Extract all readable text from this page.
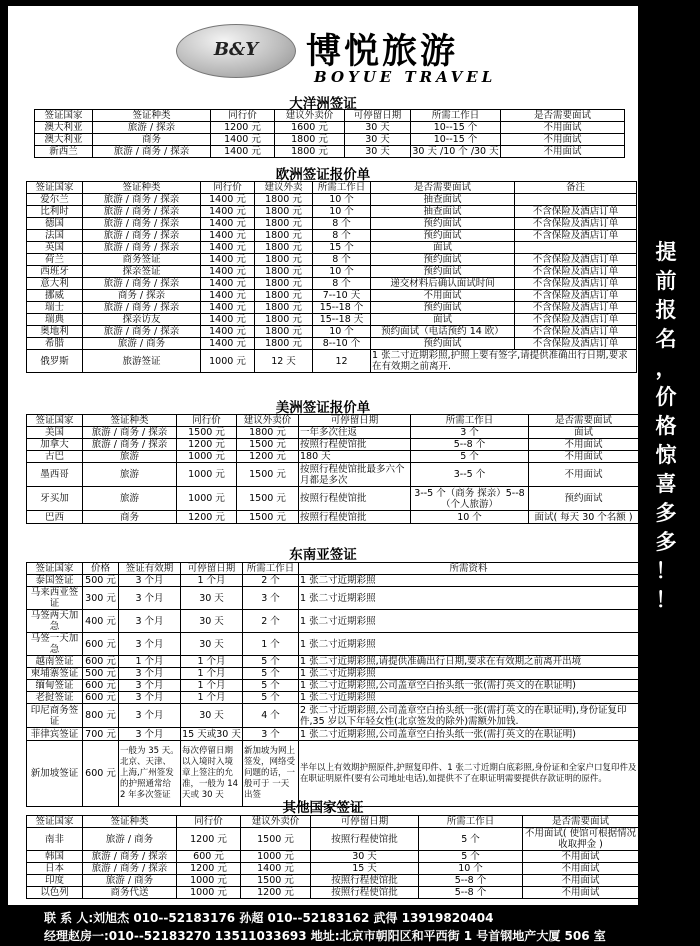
B&Y	博悦旅游
BOYUE TRAVEL
大洋洲签证
签证国家	签证种类	同行价	建议外卖价	可停留日期	所需工作日	是否需要面试
澳大利亚	旅游 / 探亲	1200 元	1600 元	30 天	10--15 个	不用面试
澳大利亚	商务	1400 元	1800 元	30 天	10--15 个	不用面试
新西兰	旅游 / 商务 / 探亲	1400 元	1800 元	30 天	30 天 /10 个 /30 天	不用面试
欧洲签证报价单
签证国家	签证种类	同行价	建议外卖	所需工作日	是否需要面试	备注
爱尔兰	旅游 / 商务 / 探亲	1400 元	1800 元	10 个	抽查面试	
比利时	旅游 / 商务 / 探亲	1400 元	1800 元	10 个	抽查面试	不含保险及酒店订单
德国	旅游 / 商务 / 探亲	1400 元	1800 元	8 个	预约面试	不含保险及酒店订单
法国	旅游 / 商务 / 探亲	1400 元	1800 元	8 个	预约面试	不含保险及酒店订单
英国	旅游 / 商务 / 探亲	1400 元	1800 元	15 个	面试	
荷兰	商务签证	1400 元	1800 元	8 个	预约面试	不含保险及酒店订单
西班牙	探亲签证	1400 元	1800 元	10 个	预约面试	不含保险及酒店订单
意大利	旅游 / 商务 / 探亲	1400 元	1800 元	8 个	递交材料后确认面试时间	不含保险及酒店订单
挪威	商务 / 探亲	1400 元	1800 元	7--10 天	不用面试	不含保险及酒店订单
瑞士	旅游 / 商务 / 探亲	1400 元	1800 元	15--18 个	预约面试	不含保险及酒店订单
瑞典	探亲访友	1400 元	1800 元	15--18 天	面试	不含保险及酒店订单
奥地利	旅游 / 商务 / 探亲	1400 元	1800 元	10 个	预约面试（电话预约 14 欧）	不含保险及酒店订单
希腊	旅游 / 商务	1400 元	1800 元	8--10 个	预约面试	不含保险及酒店订单
俄罗斯	旅游签证	1000 元	12 天	12	1 张二寸近期彩照,护照上要有签字,请提供准确出行日期,要求在有效期之前离开.	
美洲签证报价单
签证国家	签证种类	同行价	建议外卖价	可停留日期	所需工作日	是否需要面试
美国	旅游 / 商务 / 探亲	1500 元	1800 元	一年多次往返	3 个	面试
加拿大	旅游 / 商务 / 探亲	1200 元	1500 元	按照行程使馆批	5--8 个	不用面试
古巴	旅游	1000 元	1200 元	180 天	5 个	不用面试
墨西哥	旅游	1000 元	1500 元	按照行程使馆批最多六个月都是多次	3--5 个	不用面试
牙买加	旅游	1000 元	1500 元	按照行程使馆批	3--5 个（商务 探亲）5--8（个人旅游）	预约面试
巴西	商务	1200 元	1500 元	按照行程使馆批	10 个	面试( 每天 30 个名额 )
东南亚签证
签证国家	价格	签证有效期	可停留日期	所需工作日	所需资料
泰国签证	500 元	3 个月	1 个月	2 个	1 张二寸近期彩照
马来西亚签证	300 元	3 个月	30 天	3 个	1 张二寸近期彩照
马签两天加急	400 元	3 个月	30 天	2 个	1 张二寸近期彩照
马签一天加急	600 元	3 个月	30 天	1 个	1 张二寸近期彩照
越南签证	600 元	1 个月	1 个月	5 个	1 张二寸近期彩照,请提供准确出行日期,要求在有效期之前离开出境
柬埔寨签证	500 元	3 个月	1 个月	5 个	1 张二寸近期彩照
缅甸签证	600 元	3 个月	1 个月	5 个	1 张二寸近期彩照,公司盖章空白抬头纸一张(需打英文的在职证明)
老挝签证	600 元	3 个月	1 个月	5 个	1 张二寸近期彩照
印尼商务签证	800 元	3 个月	30 天	4 个	2 张二寸近期彩照,公司盖章空白抬头纸一张(需打英文的在职证明),身份证复印件,35 岁以下年轻女性(北京签发的除外)需额外加钱.
菲律宾签证	700 元	3 个月	15 天或30 天	3 个	1 张二寸近期彩照,公司盖章空白抬头纸一张(需打英文的在职证明)
新加坡签证	600 元	一般为 35 天。北京、天津、上海,广州签发的护照通常给 2 年多次签证	每次停留日期以入境时入境章上签注的允准，一般为 14 天或 30 天	新加坡为网上签发，网络受问题的话，一般可于 一天出签	半年以上有效期护照原件,护照复印件、1 张二寸近期白底彩照,身份证和全家户口复印件及在职证明原件(要有公司地址电话),如提供不了在职证明需要提供存款证明的原件。
其他国家签证
签证国家	签证种类	同行价	建议外卖价	可停留日期	所需工作日	是否需要面试
南非	旅游 / 商务	1200 元	1500 元	按照行程使馆批	5 个	不用面试( 使馆可根据情况收取押金 )
韩国	旅游 / 商务 / 探亲	600 元	1000 元	30 天	5 个	不用面试
日本	旅游 / 商务 / 探亲	1200 元	1400 元	15 天	10 个	不用面试
印度	旅游 / 商务	1000 元	1500 元	按照行程使馆批	5--8 个	不用面试
以色列	商务代送	1000 元	1200 元	按照行程使馆批	5--8 个	不用面试
提
前
报
名
，
价
格
惊
喜
多
多
！
！
联 系 人:刘旭杰 010--52183176 孙超 010--52183162 武得 13919820404
经理赵房一:010--52183270 13511033693 地址:北京市朝阳区和平西街 1 号首钢地产大厦 506 室
